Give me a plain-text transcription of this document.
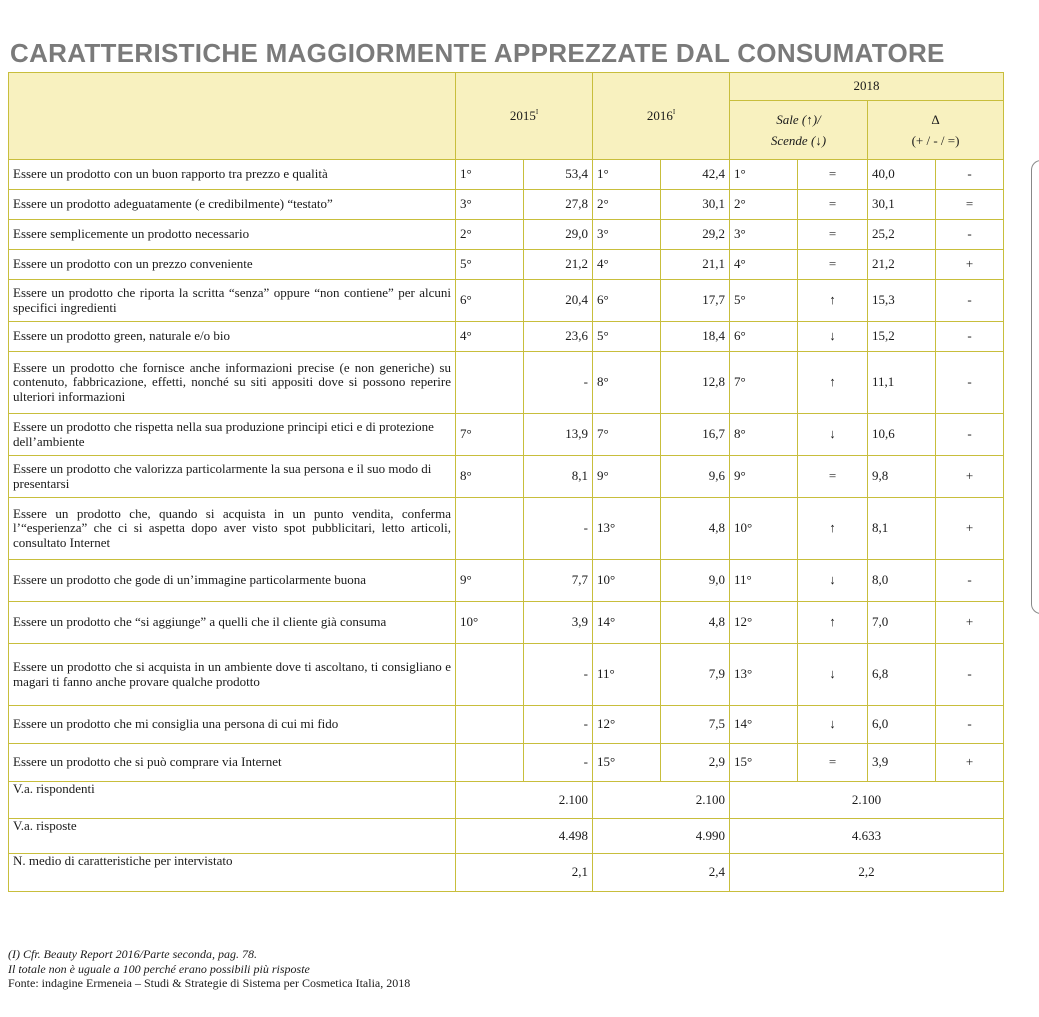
CARATTERISTICHE MAGGIORMENTE APPREZZATE DAL CONSUMATORE
	$2015^I$		$2016^I$		2018			
					Sale (↑)/
Scende (↓)		Δ
(+ / - / =)	
Essere un prodotto con un buon rapporto tra prezzo e qualità	1°	53,4	1°	42,4	1°	=	40,0	-
Essere un prodotto adeguatamente (e credibilmente) “testato”	3°	27,8	2°	30,1	2°	=	30,1	=
Essere semplicemente un prodotto necessario	2°	29,0	3°	29,2	3°	=	25,2	-
Essere un prodotto con un prezzo conveniente	5°	21,2	4°	21,1	4°	=	21,2	+
Essere un prodotto che riporta la scritta “senza” oppure “non contiene” per alcuni specifici ingredienti	6°	20,4	6°	17,7	5°	↑	15,3	-
Essere un prodotto green, naturale e/o bio	4°	23,6	5°	18,4	6°	↓	15,2	-
Essere un prodotto che fornisce anche informazioni precise (e non generiche) su contenuto, fabbricazione, effetti, nonché su siti appositi dove si possono reperire ulteriori informazioni		-	8°	12,8	7°	↑	11,1	-
Essere un prodotto che rispetta nella sua produzione principi etici e di protezione dell’ambiente	7°	13,9	7°	16,7	8°	↓	10,6	-
Essere un prodotto che valorizza particolarmente la sua persona e il suo modo di presentarsi	8°	8,1	9°	9,6	9°	=	9,8	+
Essere un prodotto che, quando si acquista in un punto vendita, conferma l’“esperienza” che ci si aspetta dopo aver visto spot pubblicitari, letto articoli, consultato Internet		-	13°	4,8	10°	↑	8,1	+
Essere un prodotto che gode di un’immagine particolarmente buona	9°	7,7	10°	9,0	11°	↓	8,0	-
Essere un prodotto che “si aggiunge” a quelli che il cliente già consuma	10°	3,9	14°	4,8	12°	↑	7,0	+
Essere un prodotto che si acquista in un ambiente dove ti ascoltano, ti consigliano e magari ti fanno anche provare qualche prodotto		-	11°	7,9	13°	↓	6,8	-
Essere un prodotto che mi consiglia una persona di cui mi fido		-	12°	7,5	14°	↓	6,0	-
Essere un prodotto che si può comprare via Internet		-	15°	2,9	15°	=	3,9	+
V.a. rispondenti	2.100		2.100		2.100			
V.a. risposte	4.498		4.990		4.633			
N. medio di caratteristiche per intervistato	2,1		2,4		2,2			
(I) Cfr. Beauty Report 2016/Parte seconda, pag. 78.
Il totale non è uguale a 100 perché erano possibili più risposte
Fonte: indagine Ermeneia – Studi & Strategie di Sistema per Cosmetica Italia, 2018
